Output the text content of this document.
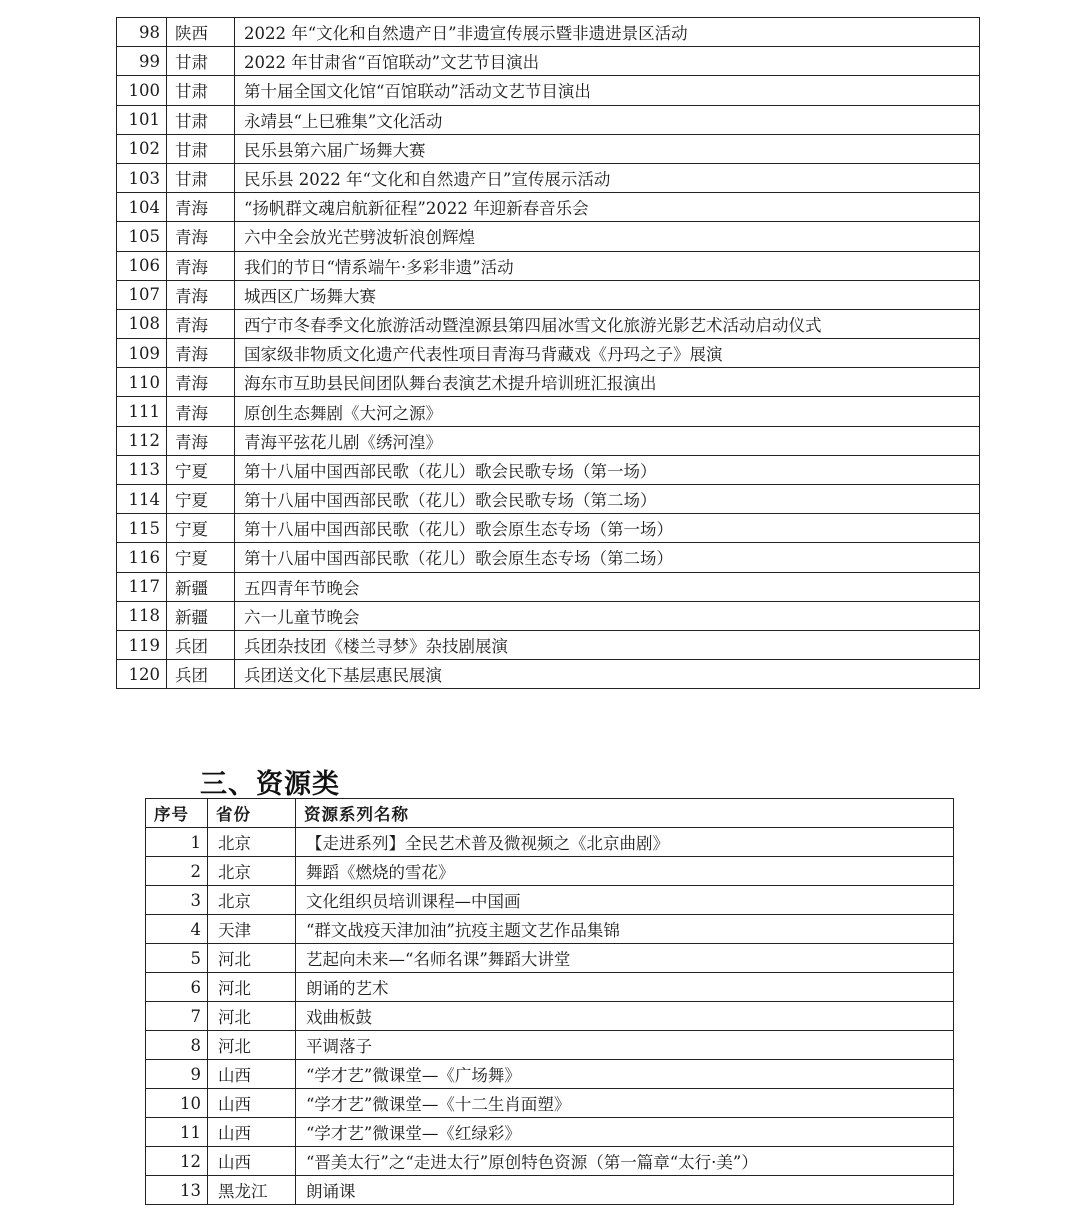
98	陕西	2022 年“文化和自然遗产日”非遗宣传展示暨非遗进景区活动
99	甘肃	2022 年甘肃省“百馆联动”文艺节目演出
100	甘肃	第十届全国文化馆“百馆联动”活动文艺节目演出
101	甘肃	永靖县“上巳雅集”文化活动
102	甘肃	民乐县第六届广场舞大赛
103	甘肃	民乐县 2022 年“文化和自然遗产日”宣传展示活动
104	青海	“扬帆群文魂启航新征程”2022 年迎新春音乐会
105	青海	六中全会放光芒劈波斩浪创辉煌
106	青海	我们的节日“情系端午·多彩非遗”活动
107	青海	城西区广场舞大赛
108	青海	西宁市冬春季文化旅游活动暨湟源县第四届冰雪文化旅游光影艺术活动启动仪式
109	青海	国家级非物质文化遗产代表性项目青海马背藏戏《丹玛之子》展演
110	青海	海东市互助县民间团队舞台表演艺术提升培训班汇报演出
111	青海	原创生态舞剧《大河之源》
112	青海	青海平弦花儿剧《绣河湟》
113	宁夏	第十八届中国西部民歌（花儿）歌会民歌专场（第一场）
114	宁夏	第十八届中国西部民歌（花儿）歌会民歌专场（第二场）
115	宁夏	第十八届中国西部民歌（花儿）歌会原生态专场（第一场）
116	宁夏	第十八届中国西部民歌（花儿）歌会原生态专场（第二场）
117	新疆	五四青年节晚会
118	新疆	六一儿童节晚会
119	兵团	兵团杂技团《楼兰寻梦》杂技剧展演
120	兵团	兵团送文化下基层惠民展演
三、资源类
序号	省份	资源系列名称
1	北京	【走进系列】全民艺术普及微视频之《北京曲剧》
2	北京	舞蹈《燃烧的雪花》
3	北京	文化组织员培训课程—中国画
4	天津	“群文战疫天津加油”抗疫主题文艺作品集锦
5	河北	艺起向未来—“名师名课”舞蹈大讲堂
6	河北	朗诵的艺术
7	河北	戏曲板鼓
8	河北	平调落子
9	山西	“学才艺”微课堂—《广场舞》
10	山西	“学才艺”微课堂—《十二生肖面塑》
11	山西	“学才艺”微课堂—《红绿彩》
12	山西	“晋美太行”之“走进太行”原创特色资源（第一篇章“太行·美”）
13	黑龙江	朗诵课
